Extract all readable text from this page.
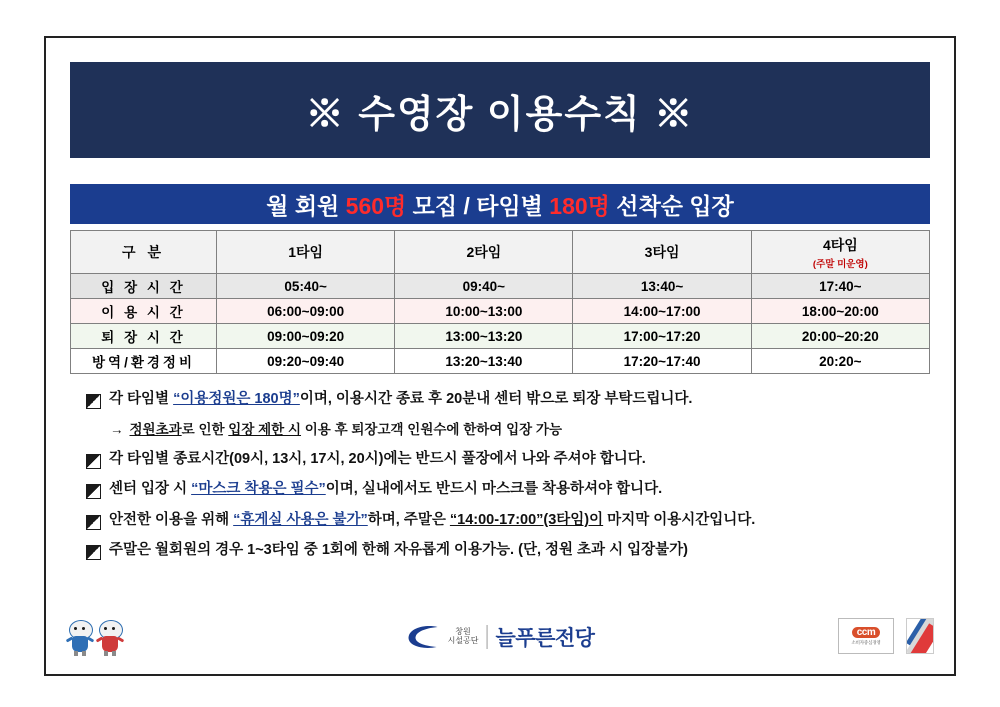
※ 수영장 이용수칙 ※
월 회원 560명 모집 / 타임별 180명 선착순 입장
구 분	1타임	2타임	3타임	4타임
(주말 미운영)

입 장 시 간	05:40~	09:40~	13:40~	17:40~
이 용 시 간	06:00~09:00	10:00~13:00	14:00~17:00	18:00~20:00
퇴 장 시 간	09:00~09:20	13:00~13:20	17:00~17:20	20:00~20:20
방역/환경정비	09:20~09:40	13:20~13:40	17:20~17:40	20:20~
각 타임별 “이용정원은 180명”이며, 이용시간 종료 후 20분내 센터 밖으로 퇴장 부탁드립니다.
→ 정원초과로 인한 입장 제한 시 이용 후 퇴장고객 인원수에 한하여 입장 가능
각 타임별 종료시간(09시, 13시, 17시, 20시)에는 반드시 풀장에서 나와 주셔야 합니다.
센터 입장 시 “마스크 착용은 필수”이며, 실내에서도 반드시 마스크를 착용하셔야 합니다.
안전한 이용을 위해 “휴게실 사용은 불가”하며, 주말은 “14:00-17:00”(3타임)이 마지막 이용시간입니다.
주말은 월회원의 경우 1~3타임 중 1회에 한해 자유롭게 이용가능. (단, 정원 초과 시 입장불가)
창원
시설공단 늘푸른전당	ccm
소비자중심경영
